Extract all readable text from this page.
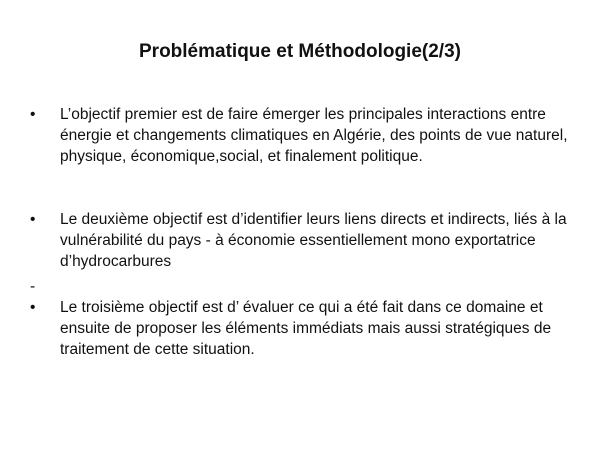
Problématique et Méthodologie(2/3)
• L’objectif premier est de faire émerger les principales interactions entre énergie et changements climatiques en Algérie, des points de vue naturel, physique, économique,social, et finalement politique.
• Le deuxième objectif est d’identifier leurs liens directs et indirects, liés à la vulnérabilité du pays - à économie essentiellement mono exportatrice d’hydrocarbures
-

• Le troisième objectif est d’ évaluer ce qui a été fait dans ce domaine et ensuite de proposer les éléments immédiats mais aussi stratégiques de traitement de cette situation.
